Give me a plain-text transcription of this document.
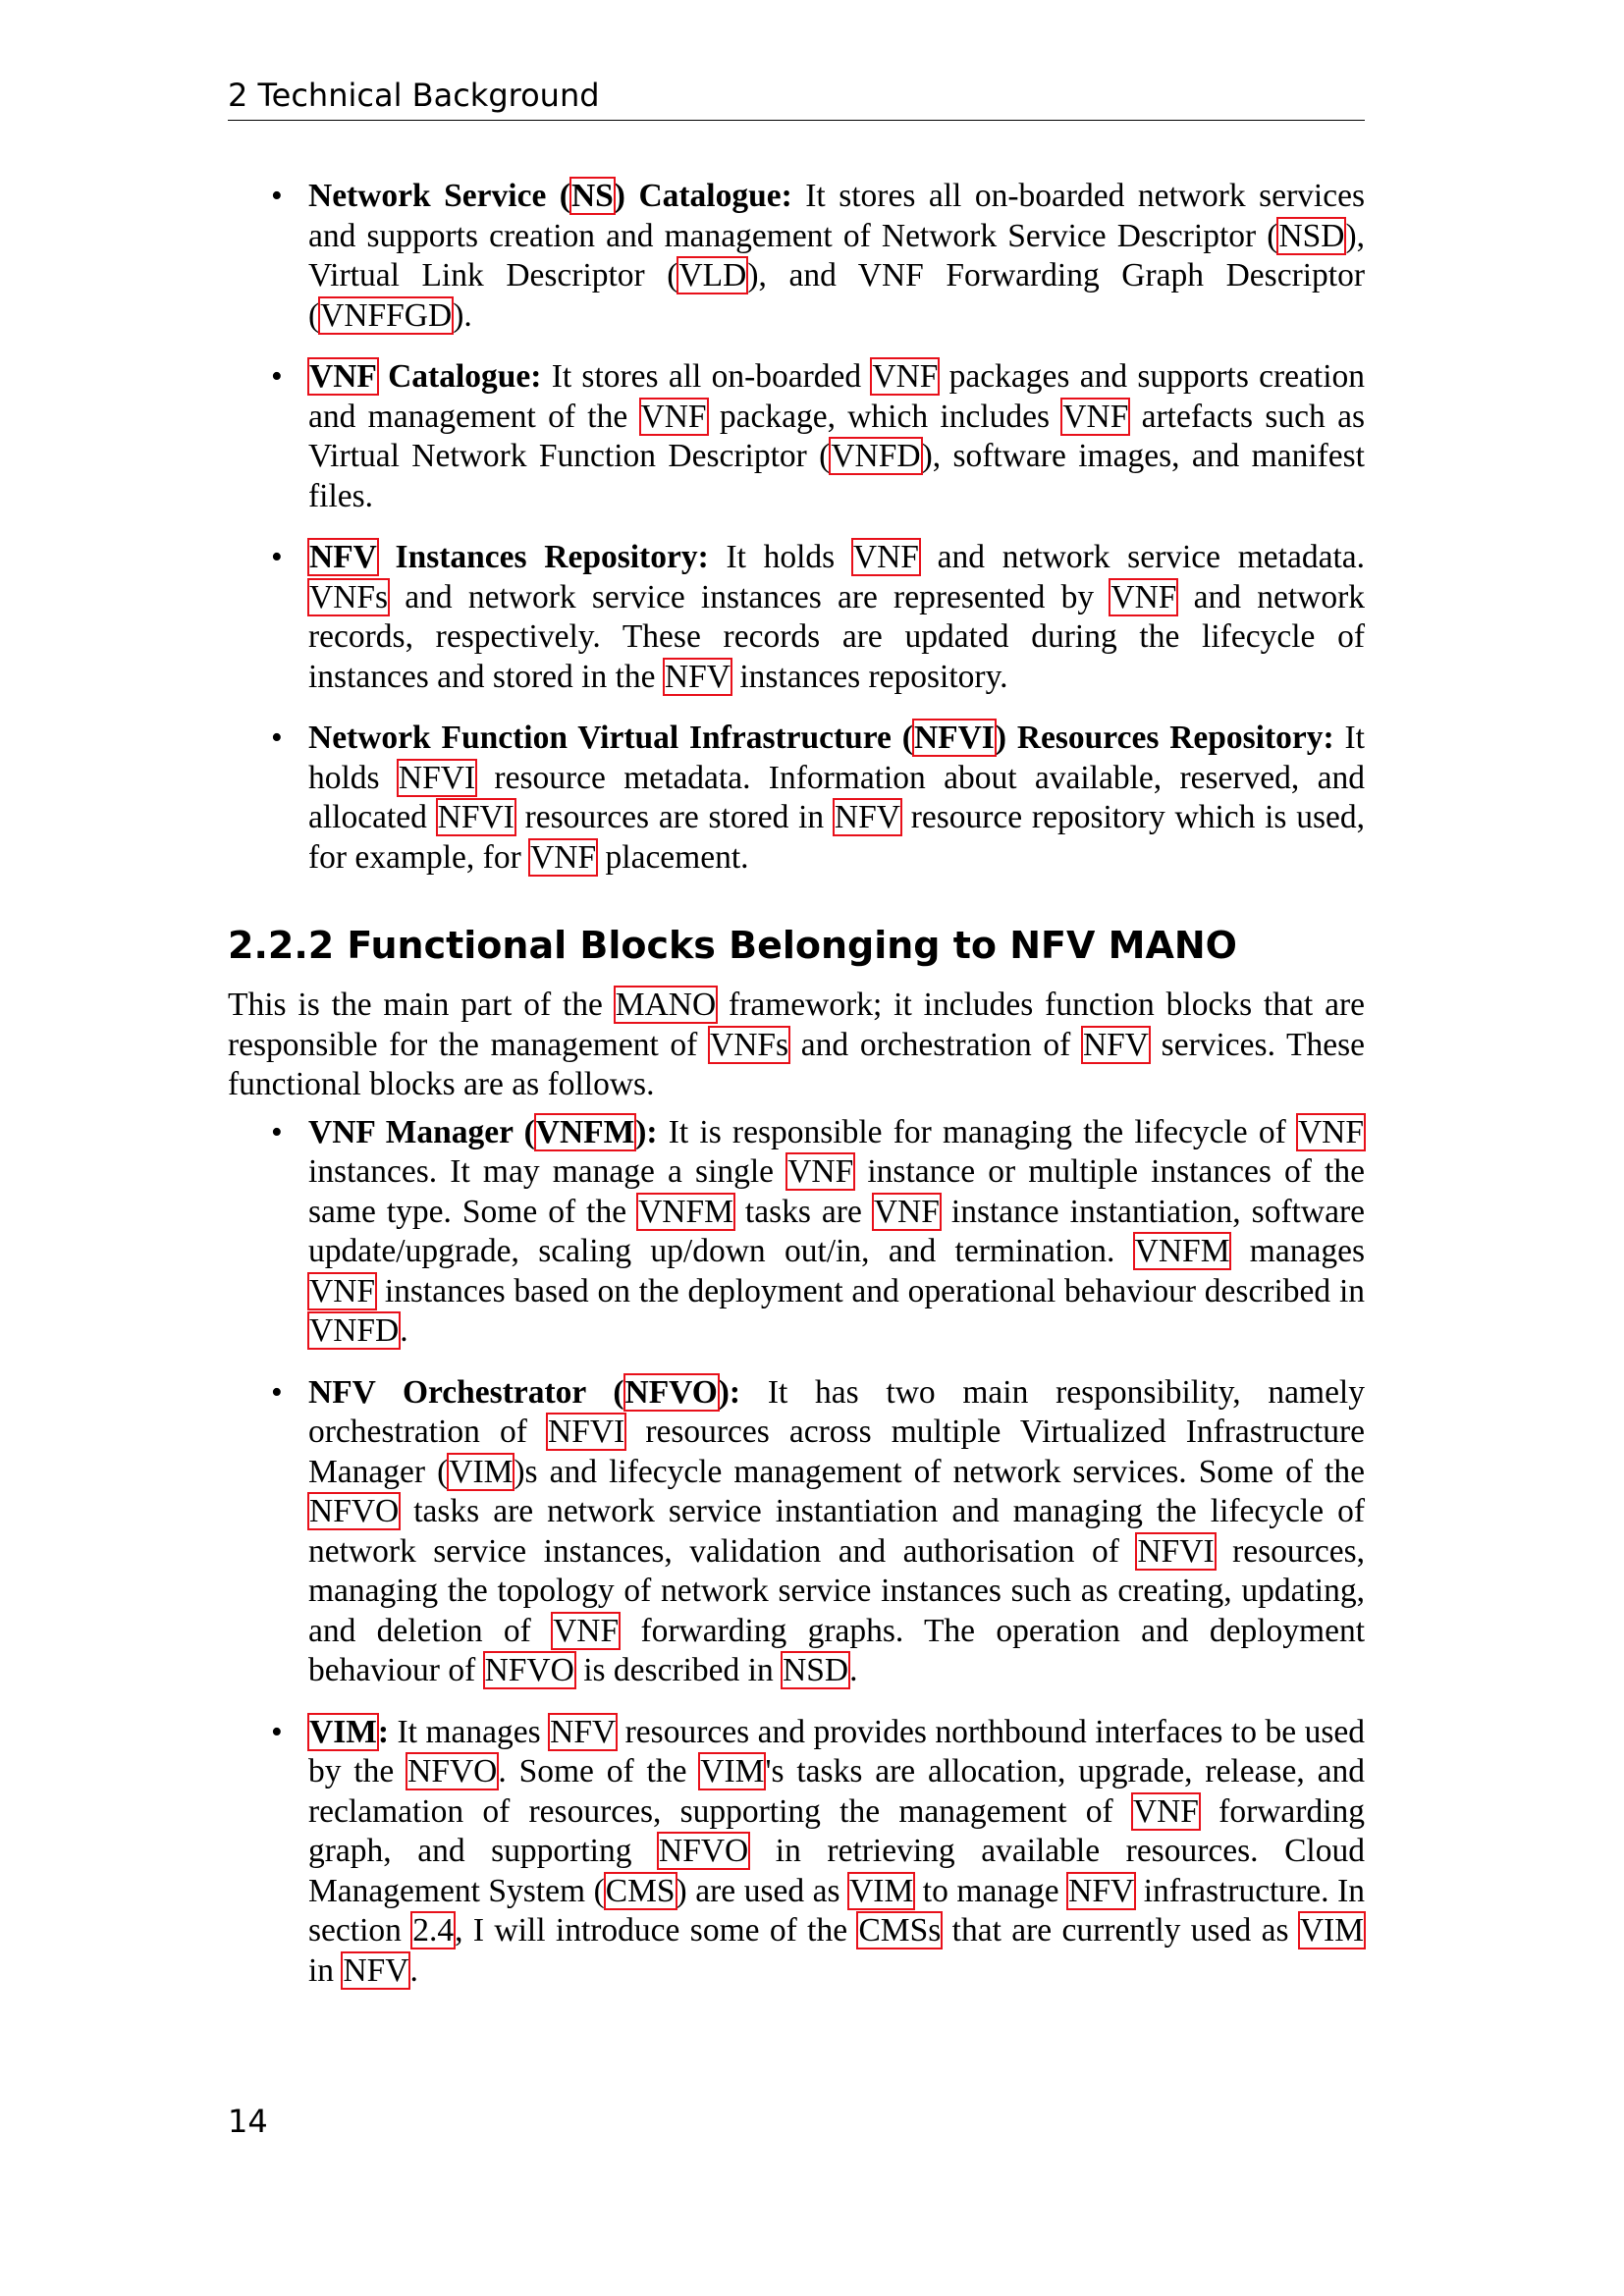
2 Technical Background
• Network Service (NS) Catalogue: It stores all on-boarded network services and supports creation and management of Network Service Descriptor (NSD), Virtual Link Descriptor (VLD), and VNF Forwarding Graph Descriptor (VNFFGD).
• VNF Catalogue: It stores all on-boarded VNF packages and supports creation and management of the VNF package, which includes VNF artefacts such as Virtual Network Function Descriptor (VNFD), software images, and manifest files.
• NFV Instances Repository: It holds VNF and network service metadata. VNFs and network service instances are represented by VNF and network records, respectively. These records are updated during the lifecycle of instances and stored in the NFV instances repository.
• Network Function Virtual Infrastructure (NFVI) Resources Repository: It holds NFVI resource metadata. Information about available, reserved, and allocated NFVI resources are stored in NFV resource repository which is used, for example, for VNF placement.
2.2.2 Functional Blocks Belonging to NFV MANO

This is the main part of the MANO framework; it includes function blocks that are responsible for the management of VNFs and orchestration of NFV services. These functional blocks are as follows.

• VNF Manager (VNFM): It is responsible for managing the lifecycle of VNF instances. It may manage a single VNF instance or multiple instances of the same type. Some of the VNFM tasks are VNF instance instantiation, software update/upgrade, scaling up/down out/in, and termination. VNFM manages VNF instances based on the deployment and operational behaviour described in VNFD.
• NFV Orchestrator (NFVO): It has two main responsibility, namely orchestration of NFVI resources across multiple Virtualized Infrastructure Manager (VIM)s and lifecycle management of network services. Some of the NFVO tasks are network service instantiation and managing the lifecycle of network service instances, validation and authorisation of NFVI resources, managing the topology of network service instances such as creating, updating, and deletion of VNF forwarding graphs. The operation and deployment behaviour of NFVO is described in NSD.
• VIM: It manages NFV resources and provides northbound interfaces to be used by the NFVO. Some of the VIM's tasks are allocation, upgrade, release, and reclamation of resources, supporting the management of VNF forwarding graph, and supporting NFVO in retrieving available resources. Cloud Management System (CMS) are used as VIM to manage NFV infrastructure. In section 2.4, I will introduce some of the CMSs that are currently used as VIM in NFV.
14
